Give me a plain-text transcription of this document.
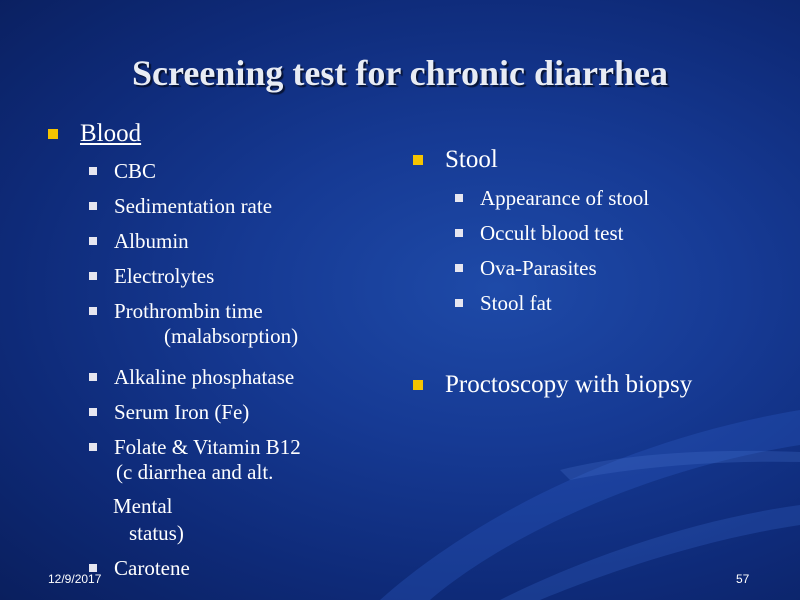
Screening test for chronic diarrhea
Blood
CBC
Sedimentation rate
Albumin
Electrolytes
Prothrombin time
(malabsorption)
Alkaline phosphatase
Serum Iron (Fe)
Folate & Vitamin B12
(c diarrhea and alt.
Mental
status)
Carotene
Stool
Appearance of stool
Occult blood test
Ova-Parasites
Stool fat
Proctoscopy with biopsy
12/9/2017	57
